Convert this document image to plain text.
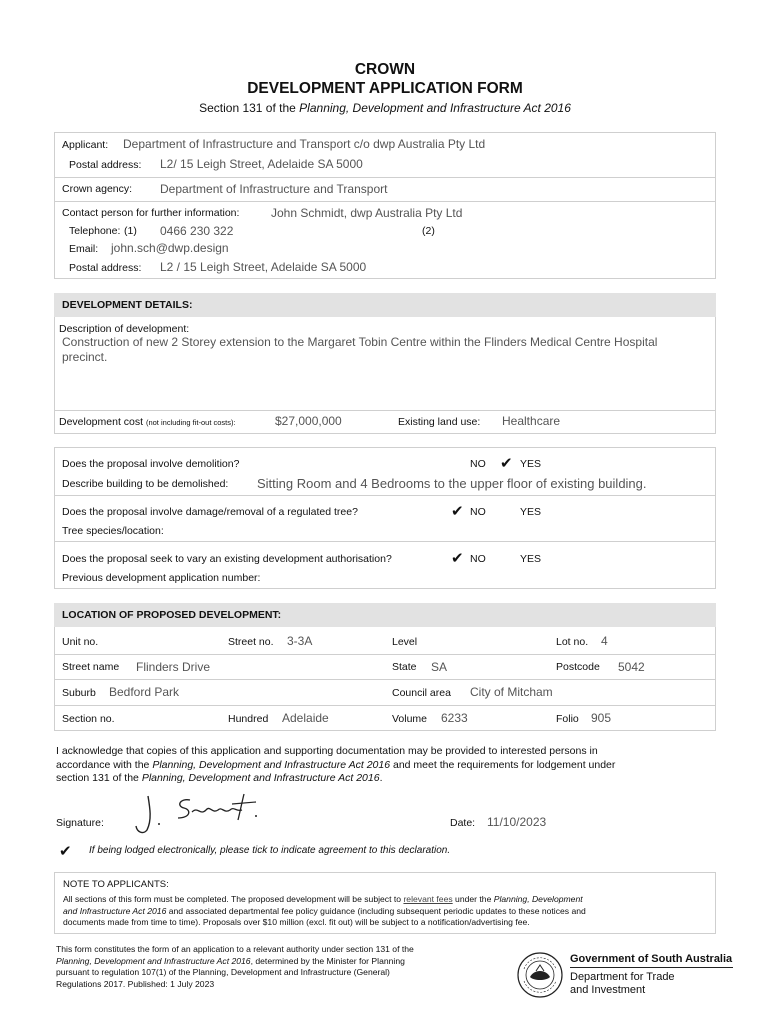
CROWN
DEVELOPMENT APPLICATION FORM
Section 131 of the Planning, Development and Infrastructure Act 2016
Applicant: Department of Infrastructure and Transport c/o dwp Australia Pty Ltd
Postal address: L2/ 15 Leigh Street, Adelaide SA 5000
Crown agency: Department of Infrastructure and Transport
Contact person for further information:	John Schmidt, dwp Australia Pty Ltd
Telephone: (1) 0466 230 322	(2)
Email: john.sch@dwp.design
Postal address: L2 / 15 Leigh Street, Adelaide SA 5000
DEVELOPMENT DETAILS:
Description of development:
Construction of new 2 Storey extension to the Margaret Tobin Centre within the Flinders Medical Centre Hospital
precinct.
Development cost (not including fit-out costs):	$27,000,000	Existing land use: Healthcare
Does the proposal involve demolition?	NO ✔ YES
Describe building to be demolished: Sitting Room and 4 Bedrooms to the upper floor of existing building.
Does the proposal involve damage/removal of a regulated tree?	✔ NO	YES
Tree species/location:
Does the proposal seek to vary an existing development authorisation?	✔ NO	YES
Previous development application number:
LOCATION OF PROPOSED DEVELOPMENT:
Unit no.	Street no. 3-3A	Level	Lot no. 4
Street name Flinders Drive	State SA	Postcode 5042
Suburb Bedford Park	Council area City of Mitcham
Section no.	Hundred Adelaide	Volume 6233	Folio 905
I acknowledge that copies of this application and supporting documentation may be provided to interested persons in
accordance with the Planning, Development and Infrastructure Act 2016 and meet the requirements for lodgement under
section 131 of the Planning, Development and Infrastructure Act 2016.
Signature:	Date: 11/10/2023
✔ If being lodged electronically, please tick to indicate agreement to this declaration.
NOTE TO APPLICANTS:
All sections of this form must be completed. The proposed development will be subject to relevant fees under the Planning, Development
and Infrastructure Act 2016 and associated departmental fee policy guidance (including subsequent periodic updates to these notices and
documents made from time to time). Proposals over $10 million (excl. fit out) will be subject to a notification/advertising fee.
This form constitutes the form of an application to a relevant authority under section 131 of the
Planning, Development and Infrastructure Act 2016, determined by the Minister for Planning
pursuant to regulation 107(1) of the Planning, Development and Infrastructure (General)
Regulations 2017. Published: 1 July 2023
Government of South Australia
Department for Trade
and Investment
